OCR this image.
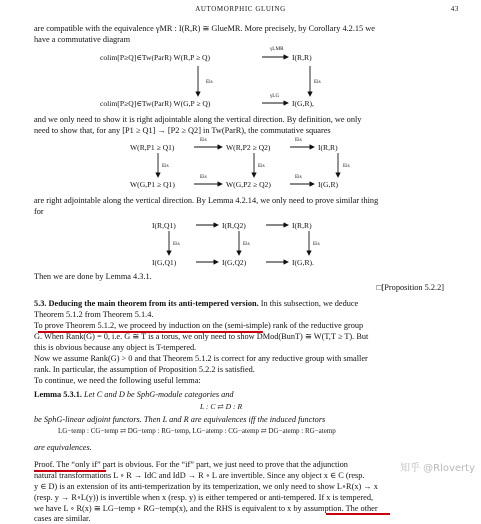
AUTOMORPHIC GLUING	43
are compatible with the equivalence γMR : I(R,R) ≅ GlueMR. More precisely, by Corollary 4.2.15 we
have a commutative diagram
colim[P≥Q]∈Tw(ParR) W(R,P ≥ Q)	I(R,R)
colim[P≥Q]∈Tw(ParR) W(G,P ≥ Q)	I(G,R),
γLMR
γLG
Eis	Eis
and we only need to show it is right adjointable along the vertical direction. By definition, we only
need to show that, for any [P1 ≥ Q1] → [P2 ≥ Q2] in Tw(ParR), the commutative squares
W(R,P1 ≥ Q1)	W(R,P2 ≥ Q2)	I(R,R)
W(G,P1 ≥ Q1)	W(G,P2 ≥ Q2)	I(G,R)
Eis	Eis
Eis	Eis
Eis	Eis	Eis
are right adjointable along the vertical direction. By Lemma 4.2.14, we only need to prove similar thing
for
I(R,Q1)	I(R,Q2)	I(R,R)
I(G,Q1)	I(G,Q2)	I(G,R).
Eis	Eis	Eis
Then we are done by Lemma 4.3.1.
□[Proposition 5.2.2]
5.3. Deducing the main theorem from its anti-tempered version. In this subsection, we deduce
Theorem 5.1.2 from Theorem 5.1.4.
To prove Theorem 5.1.2, we proceed by induction on the (semi-simple) rank of the reductive group
G. When Rank(G) = 0, i.e. G ≅ T is a torus, we only need to show DMod(BunT) ≅ W(T,T ≥ T). But
this is obvious because any object is T-tempered.
Now we assume Rank(G) > 0 and that Theorem 5.1.2 is correct for any reductive group with smaller
rank. In particular, the assumption of Proposition 5.2.2 is satisfied.
To continue, we need the following useful lemma:
Lemma 5.3.1. Let C and D be SphG-module categories and
L : C ⇄ D : R
be SphG-linear adjoint functors. Then L and R are equivalences iff the induced functors
LG−temp : CG−temp ⇄ DG−temp : RG−temp, LG−atemp : CG−atemp ⇄ DG−atemp : RG−atemp
are equivalences.
Proof. The “only if” part is obvious. For the “if” part, we just need to prove that the adjunction
natural transformations L ∘ R → IdC and IdD → R ∘ L are invertible. Since any object x ∈ C (resp.
y ∈ D) is an extension of its anti-temperization by its temperization, we only need to show L∘R(x) → x
(resp. y → R∘L(y)) is invertible when x (resp. y) is either tempered or anti-tempered. If x is tempered,
we have L ∘ R(x) ≅ LG−temp ∘ RG−temp(x), and the RHS is equivalent to x by assumption. The other
cases are similar.
知乎 @Rloverty
